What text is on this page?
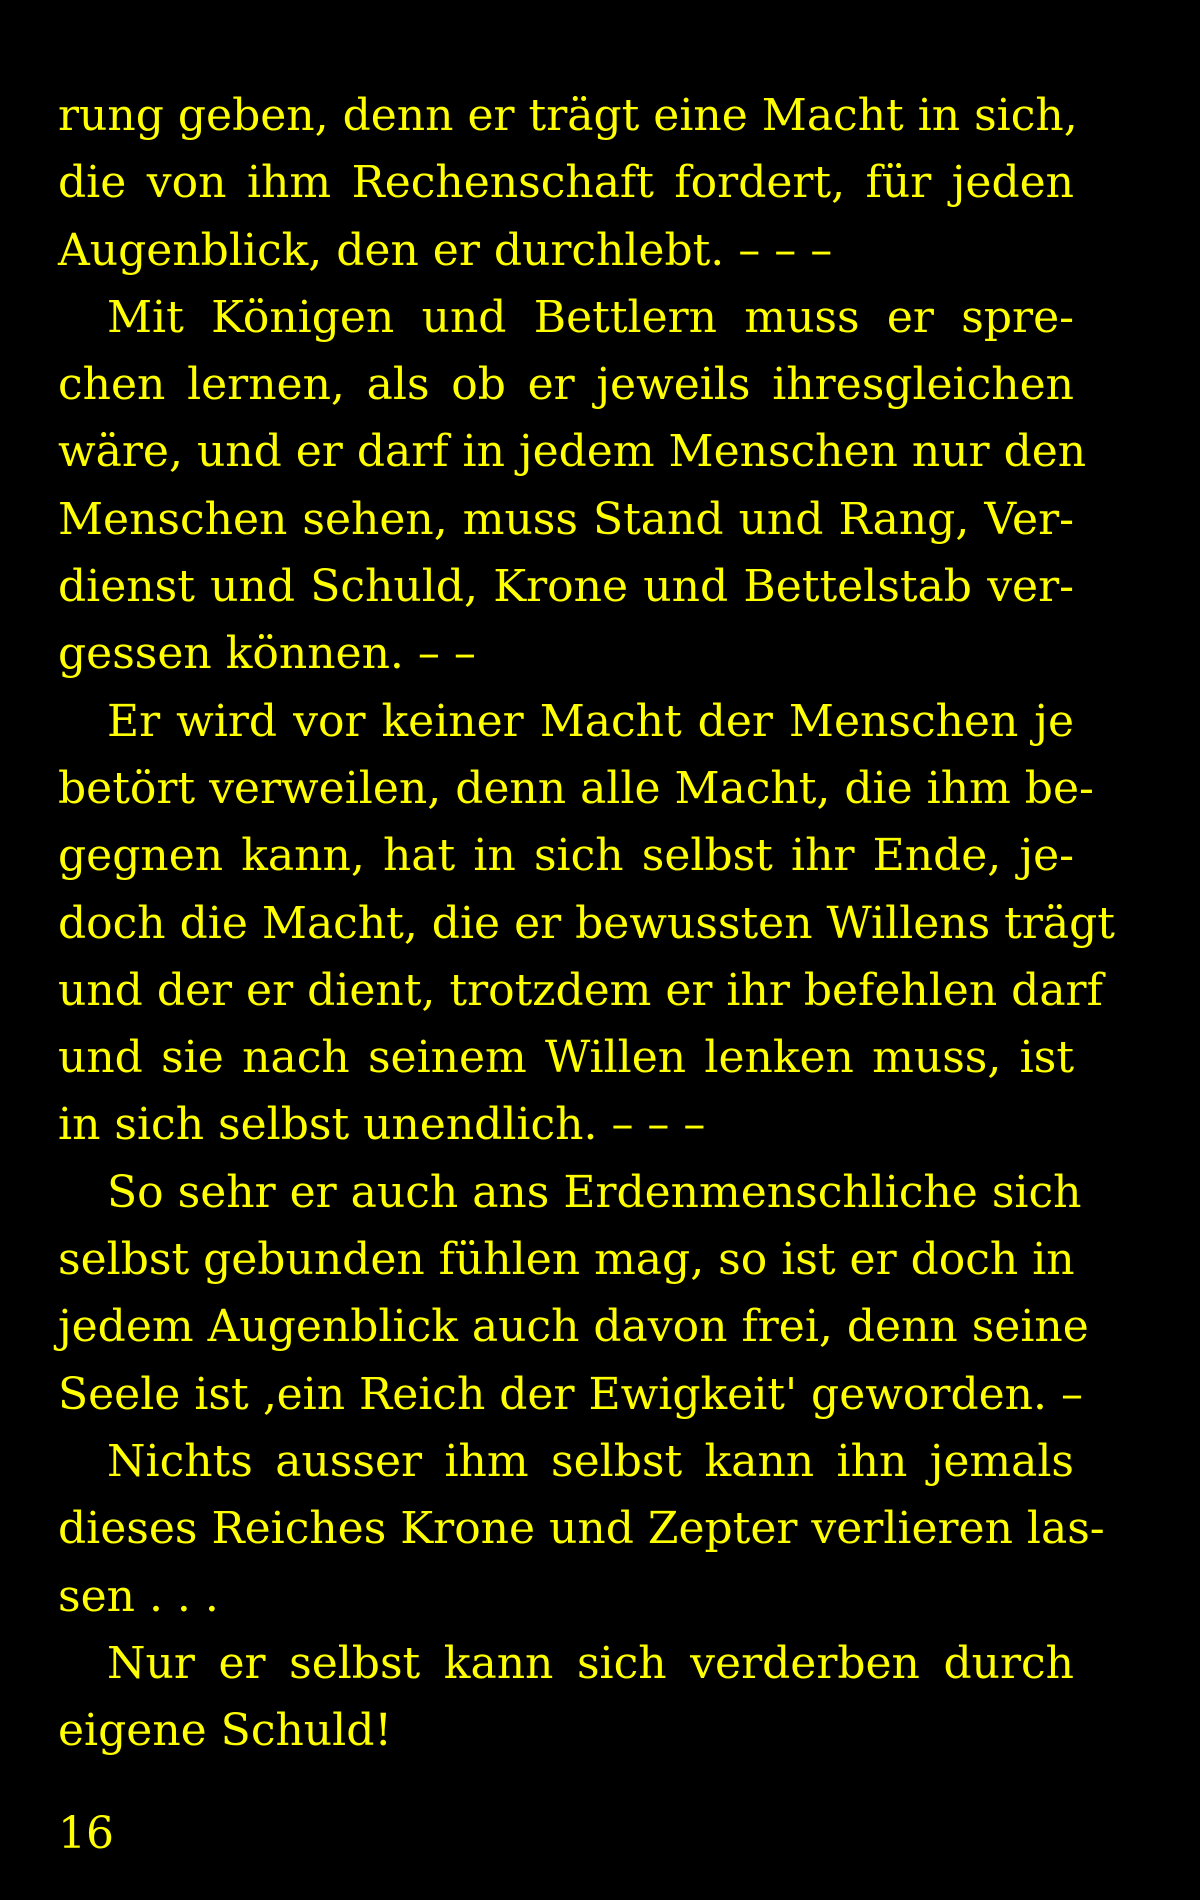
rung geben, denn er trägt eine Macht in sich,
die von ihm Rechenschaft fordert, für jeden
Augenblick, den er durchlebt. – – –
Mit Königen und Bettlern muss er spre-
chen lernen, als ob er jeweils ihresgleichen
wäre, und er darf in jedem Menschen nur den
Menschen sehen, muss Stand und Rang, Ver-
dienst und Schuld, Krone und Bettelstab ver-
gessen können. – –
Er wird vor keiner Macht der Menschen je
betört verweilen, denn alle Macht, die ihm be-
gegnen kann, hat in sich selbst ihr Ende, je-
doch die Macht, die er bewussten Willens trägt
und der er dient, trotzdem er ihr befehlen darf
und sie nach seinem Willen lenken muss, ist
in sich selbst unendlich. – – –
So sehr er auch ans Erdenmenschliche sich
selbst gebunden fühlen mag, so ist er doch in
jedem Augenblick auch davon frei, denn seine
Seele ist ‚ein Reich der Ewigkeit' geworden. –
Nichts ausser ihm selbst kann ihn jemals
dieses Reiches Krone und Zepter verlieren las-
sen . . .
Nur er selbst kann sich verderben durch
eigene Schuld!
16
